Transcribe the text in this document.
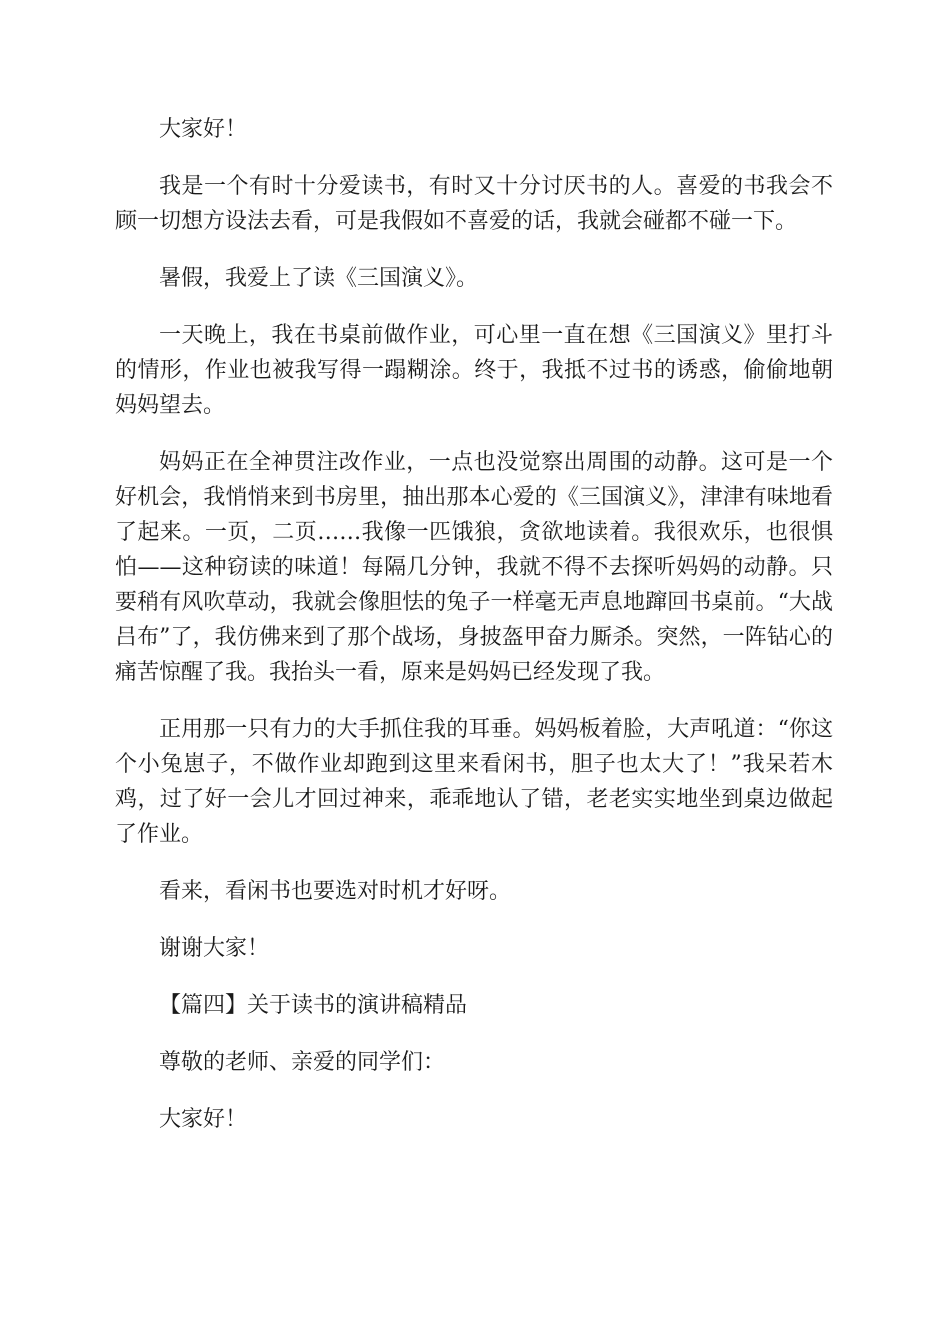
大家好！

我是一个有时十分爱读书，有时又十分讨厌书的人。喜爱的书我会不顾一切想方设法去看，可是我假如不喜爱的话，我就会碰都不碰一下。

暑假，我爱上了读《三国演义》。

一天晚上，我在书桌前做作业，可心里一直在想《三国演义》里打斗的情形，作业也被我写得一蹋糊涂。终于，我抵不过书的诱惑，偷偷地朝妈妈望去。

妈妈正在全神贯注改作业，一点也没觉察出周围的动静。这可是一个好机会，我悄悄来到书房里，抽出那本心爱的《三国演义》，津津有味地看了起来。一页，二页……我像一匹饿狼，贪欲地读着。我很欢乐，也很惧怕——这种窃读的味道！每隔几分钟，我就不得不去探听妈妈的动静。只要稍有风吹草动，我就会像胆怯的兔子一样毫无声息地蹿回书桌前。“大战吕布”了，我仿佛来到了那个战场，身披盔甲奋力厮杀。突然，一阵钻心的痛苦惊醒了我。我抬头一看，原来是妈妈已经发现了我。

正用那一只有力的大手抓住我的耳垂。妈妈板着脸，大声吼道：“你这个小兔崽子，不做作业却跑到这里来看闲书，胆子也太大了！”我呆若木鸡，过了好一会儿才回过神来，乖乖地认了错，老老实实地坐到桌边做起了作业。

看来，看闲书也要选对时机才好呀。

谢谢大家！

【篇四】关于读书的演讲稿精品

尊敬的老师、亲爱的同学们：

大家好！
